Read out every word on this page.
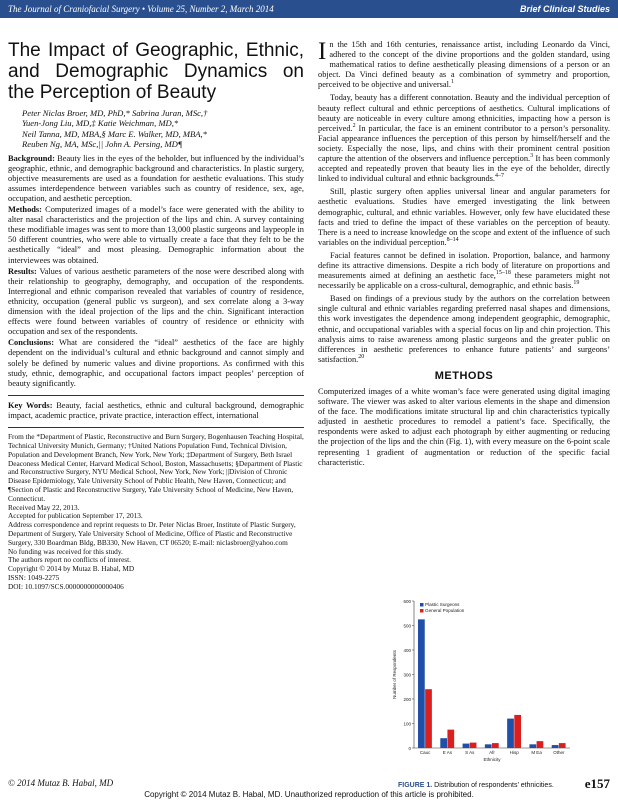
The Journal of Craniofacial Surgery • Volume 25, Number 2, March 2014	Brief Clinical Studies
The Impact of Geographic, Ethnic, and Demographic Dynamics on the Perception of Beauty
Peter Niclas Broer, MD, PhD,* Sabrina Juran, MSc,†
Yuen-Jong Liu, MD,‡ Katie Weichman, MD,*
Neil Tanna, MD, MBA,§ Marc E. Walker, MD, MBA,*
Reuben Ng, MA, MSc,|| John A. Persing, MD¶

Background: Beauty lies in the eyes of the beholder, but influenced by the individual’s geographic, ethnic, and demographic background and characteristics. In plastic surgery, objective measurements are used as a foundation for aesthetic evaluations. This study assumes interdependence between variables such as country of residence, sex, age, occupation, and aesthetic perception.

Methods: Computerized images of a model’s face were generated with the ability to alter nasal characteristics and the projection of the lips and chin. A survey containing these modifiable images was sent to more than 13,000 plastic surgeons and laypeople in 50 different countries, who were able to virtually create a face that they felt to be the aesthetically “ideal” and most pleasing. Demographic information about the interviewees was obtained.

Results: Values of various aesthetic parameters of the nose were described along with their relationship to geography, demography, and occupation of the respondents. Interregional and ethnic comparison revealed that variables of country of residence, ethnicity, occupation (general public vs surgeon), and sex correlate along a 3-way dimension with the ideal projection of the lips and the chin. Significant interaction effects were found between variables of country of residence or ethnicity with occupation and sex of the respondents.

Conclusions: What are considered the “ideal” aesthetics of the face are highly dependent on the individual’s cultural and ethnic background and cannot simply and solely be defined by numeric values and divine proportions. As confirmed with this study, ethnic, demographic, and occupational factors impact peoples’ perception of beauty significantly.

Key Words: Beauty, facial aesthetics, ethnic and cultural background, demographic impact, academic practice, private practice, interaction effect, international

From the *Department of Plastic, Reconstructive and Burn Surgery, Bogenhausen Teaching Hospital, Technical University Munich, Germany; †United Nations Population Fund, Technical Division, Population and Development Branch, New York, New York; ‡Department of Surgery, Beth Israel Deaconess Medical Center, Harvard Medical School, Boston, Massachusetts; §Department of Plastic and Reconstructive Surgery, NYU Medical School, New York, New York; ||Division of Chronic Disease Epidemiology, Yale University School of Public Health, New Haven, Connecticut; and ¶Section of Plastic and Reconstructive Surgery, Yale University School of Medicine, New Haven, Connecticut.

Received May 22, 2013.

Accepted for publication September 17, 2013.

Address correspondence and reprint requests to Dr. Peter Niclas Broer, Institute of Plastic Surgery, Department of Surgery, Yale University School of Medicine, Office of Plastic and Reconstructive Surgery, 330 Boardman Bldg, BB330, New Haven, CT 06520; E-mail: niclasbroer@yahoo.com

No funding was received for this study.

The authors report no conflicts of interest.

Copyright © 2014 by Mutaz B. Habal, MD

ISSN: 1049-2275

DOI: 10.1097/SCS.0000000000000406

In the 15th and 16th centuries, renaissance artist, including Leonardo da Vinci, adhered to the concept of the divine proportions and the golden standard, using mathematical ratios to define aesthetically pleasing dimensions of a person or an object. Da Vinci defined beauty as a combination of symmetry and proportion, perceived to be objective and universal.$^1$

Today, beauty has a different connotation. Beauty and the individual perception of beauty reflect cultural and ethnic perceptions of aesthetics. Cultural implications of beauty are noticeable in every culture among ethnicities, impacting how a person is perceived.$^2$ In particular, the face is an eminent contributor to a person’s personality. Facial appearance influences the perception of this person by himself/herself and the society. Especially the nose, lips, and chins with their prominent central position capture the attention of the observers and influence perception.$^3$ It has been commonly accepted and repeatedly proven that beauty lies in the eye of the beholder, directly linked to individual cultural and ethnic backgrounds.$^{4-7}$

Still, plastic surgery often applies universal linear and angular parameters for aesthetic evaluations. Studies have emerged investigating the link between demographic, cultural, and ethnic variables. However, only few have elucidated these facts and tried to define the impact of these variables on the perception of beauty. There is a need to increase knowledge on the scope and extent of the influence of such variables on the individual perception.$^{8-14}$

Facial features cannot be defined in isolation. Proportion, balance, and harmony define its attractive dimensions. Despite a rich body of literature on proportions and measurements aimed at defining an aesthetic face,$^{15-18}$ these parameters might not necessarily be applicable on a cross-cultural, demographic, and ethnic basis.$^{19}$

Based on findings of a previous study by the authors on the correlation between single cultural and ethnic variables regarding preferred nasal shapes and dimensions, this work investigates the dependence among independent geographic, demographic, ethnic, and occupational variables with a special focus on lip and chin projection. This analysis aims to raise awareness among plastic surgeons and the greater public on differences in aesthetic preferences to enhance future patients’ and surgeons’ satisfaction.$^{20}$

METHODS

Computerized images of a white woman’s face were generated using digital imaging software. The viewer was asked to alter various elements in the shape and dimension of the face. The modifications imitate structural lip and chin characteristics typically adjusted in aesthetic procedures to remodel a patient’s face. Specifically, the respondents were asked to adjust each photograph by either augmenting or reducing the projection of the lips and the chin (Fig. 1), with every measure on the 6-point scale representing 1 gradient of augmentation or reduction of the specific facial characteristic.

0
100
200
300
400
500
600
Cauc	E As	S As	Afr	Hisp	M Ea	Other
Ethnicity
Number of Respondents
Plastic Surgeons
General Population
FIGURE 1. Distribution of respondents’ ethnicities.
© 2014 Mutaz B. Habal, MD	e157
Copyright © 2014 Mutaz B. Habal, MD. Unauthorized reproduction of this article is prohibited.
